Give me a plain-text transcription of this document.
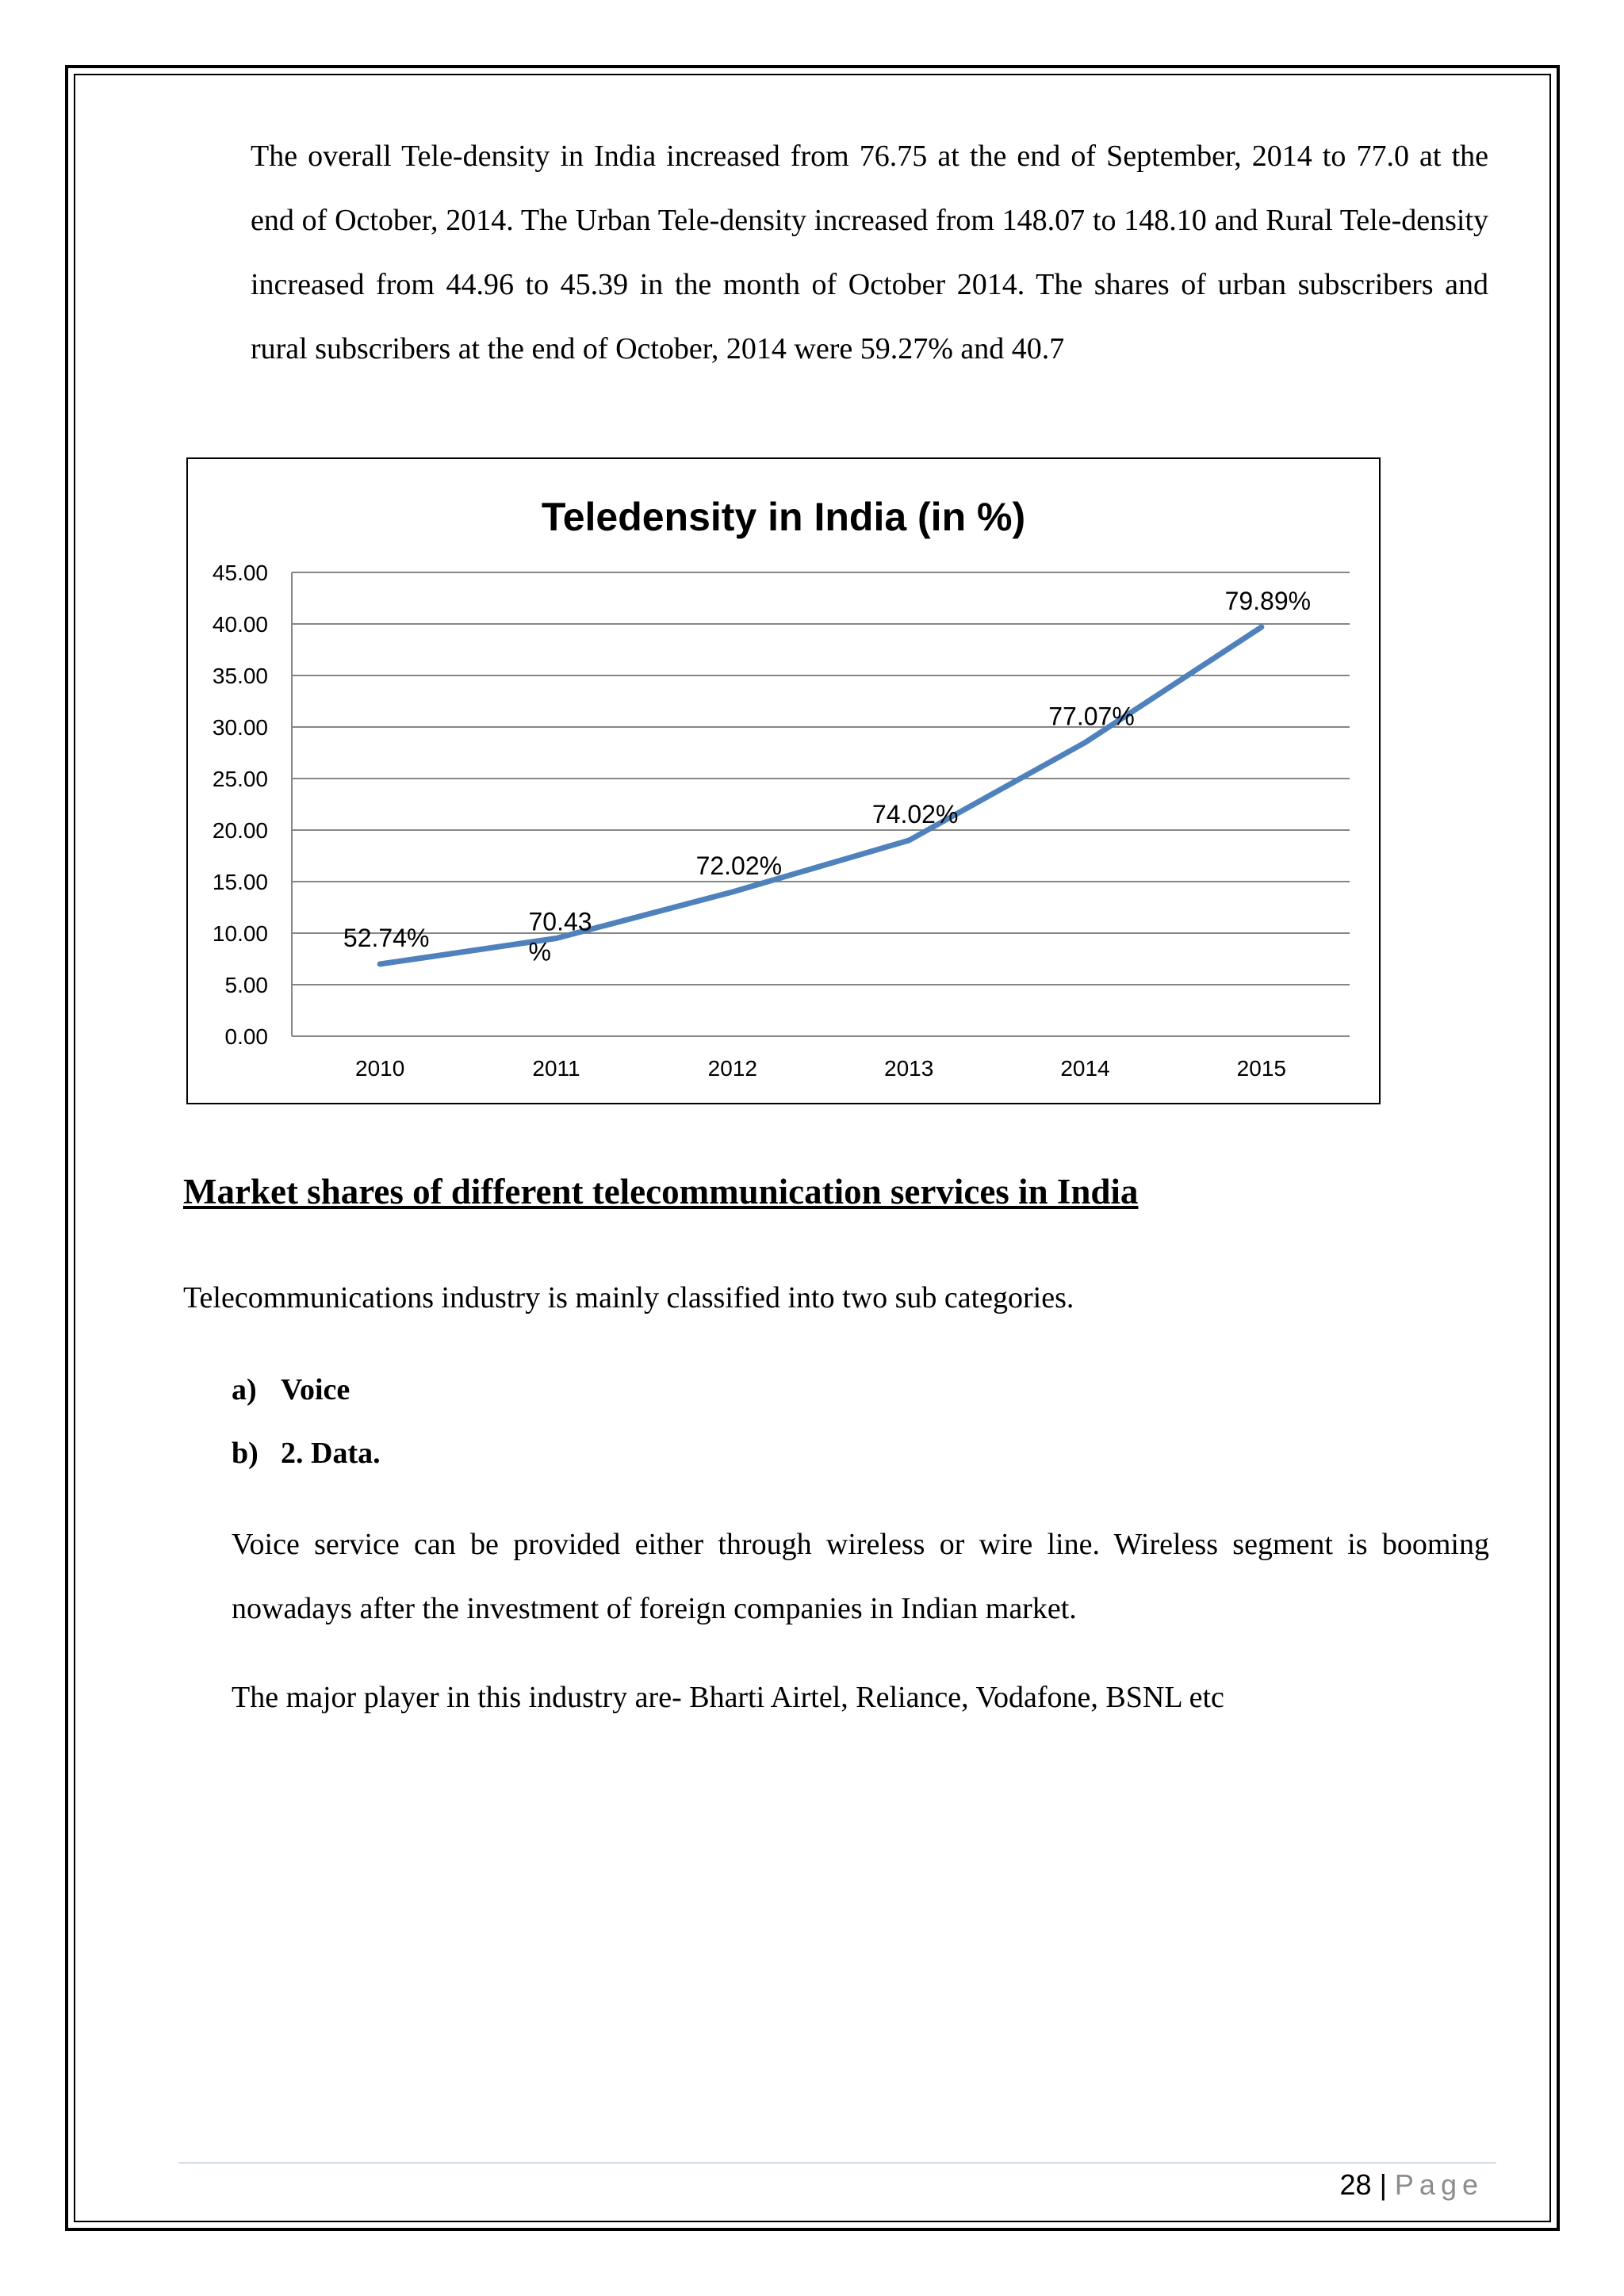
The overall Tele-density in India increased from 76.75 at the end of September, 2014 to 77.0 at the end of October, 2014. The Urban Tele-density increased from 148.07 to 148.10 and Rural Tele-density increased from 44.96 to 45.39 in the month of October 2014. The shares of urban subscribers and rural subscribers at the end of October, 2014 were 59.27% and 40.7

Teledensity in India (in %)
0.00
5.00
10.00
15.00
20.00
25.00
30.00
35.00
40.00
45.00
2010	2011	2012	2013	2014	2015
52.74%
70.43 %
72.02%
74.02%
77.07%
79.89%
Market shares of different telecommunication services in India

Telecommunications industry is mainly classified into two sub categories.

a) Voice
b) 2. Data.

Voice service can be provided either through wireless or wire line. Wireless segment is booming nowadays after the investment of foreign companies in Indian market.

The major player in this industry are- Bharti Airtel, Reliance, Vodafone, BSNL etc

28 | Page
